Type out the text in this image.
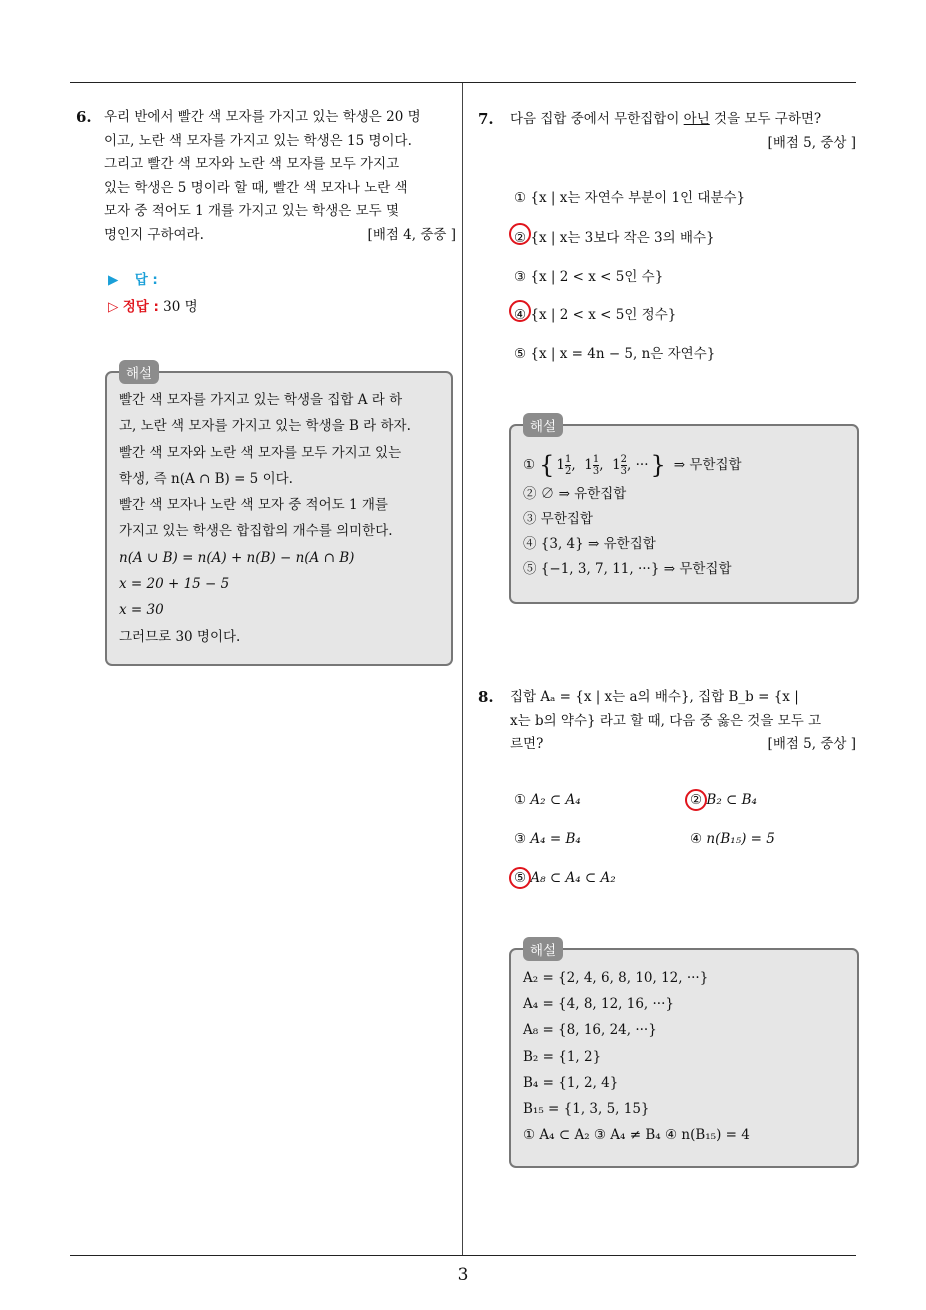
3
6. 우리 반에서 빨간 색 모자를 가지고 있는 학생은 20 명
이고, 노란 색 모자를 가지고 있는 학생은 15 명이다.
그리고 빨간 색 모자와 노란 색 모자를 모두 가지고
있는 학생은 5 명이라 할 때, 빨간 색 모자나 노란 색
모자 중 적어도 1 개를 가지고 있는 학생은 모두 몇
명인지 구하여라.	[배점 4, 중중 ]
▶ 답 :
▷ 정답 : 30 명
해설
빨간 색 모자를 가지고 있는 학생을 집합 A 라 하
고, 노란 색 모자를 가지고 있는 학생을 B 라 하자.
빨간 색 모자와 노란 색 모자를 모두 가지고 있는
학생, 즉 n(A ∩ B) = 5 이다.
빨간 색 모자나 노란 색 모자 중 적어도 1 개를
가지고 있는 학생은 합집합의 개수를 의미한다.
n(A ∪ B) = n(A) + n(B) − n(A ∩ B)
x = 20 + 15 − 5
x = 30
그러므로 30 명이다.
7. 다음 집합 중에서 무한집합이 아닌 것을 모두 구하면?
[배점 5, 중상 ]
① {x | x는 자연수 부분이 1인 대분수}
② {x | x는 3보다 작은 3의 배수}
③ {x | 2 < x < 5인 수}
④ {x | 2 < x < 5인 정수}
⑤ {x | x = 4n − 5, n은 자연수}
해설
① { $1 \frac{1}{2}$ ,  $1 \frac{1}{3}$ ,  $1 \frac{2}{3}$ , ··· } ⇒ 무한집합
② ∅ ⇒ 유한집합
③ 무한집합
④ {3, 4} ⇒ 유한집합
⑤ {−1, 3, 7, 11, ···} ⇒ 무한집합
8. 집합 Aₐ = {x | x는 a의 배수}, 집합 B_b = {x |
x는 b의 약수} 라고 할 때, 다음 중 옳은 것을 모두 고
르면?	[배점 5, 중상 ]
① A₂ ⊂ A₄	② B₂ ⊂ B₄
③ A₄ = B₄	④ n(B₁₅) = 5
⑤ A₈ ⊂ A₄ ⊂ A₂
해설
A₂ = {2, 4, 6, 8, 10, 12, ···}
A₄ = {4, 8, 12, 16, ···}
A₈ = {8, 16, 24, ···}
B₂ = {1, 2}
B₄ = {1, 2, 4}
B₁₅ = {1, 3, 5, 15}
① A₄ ⊂ A₂ ③ A₄ ≠ B₄ ④ n(B₁₅) = 4
